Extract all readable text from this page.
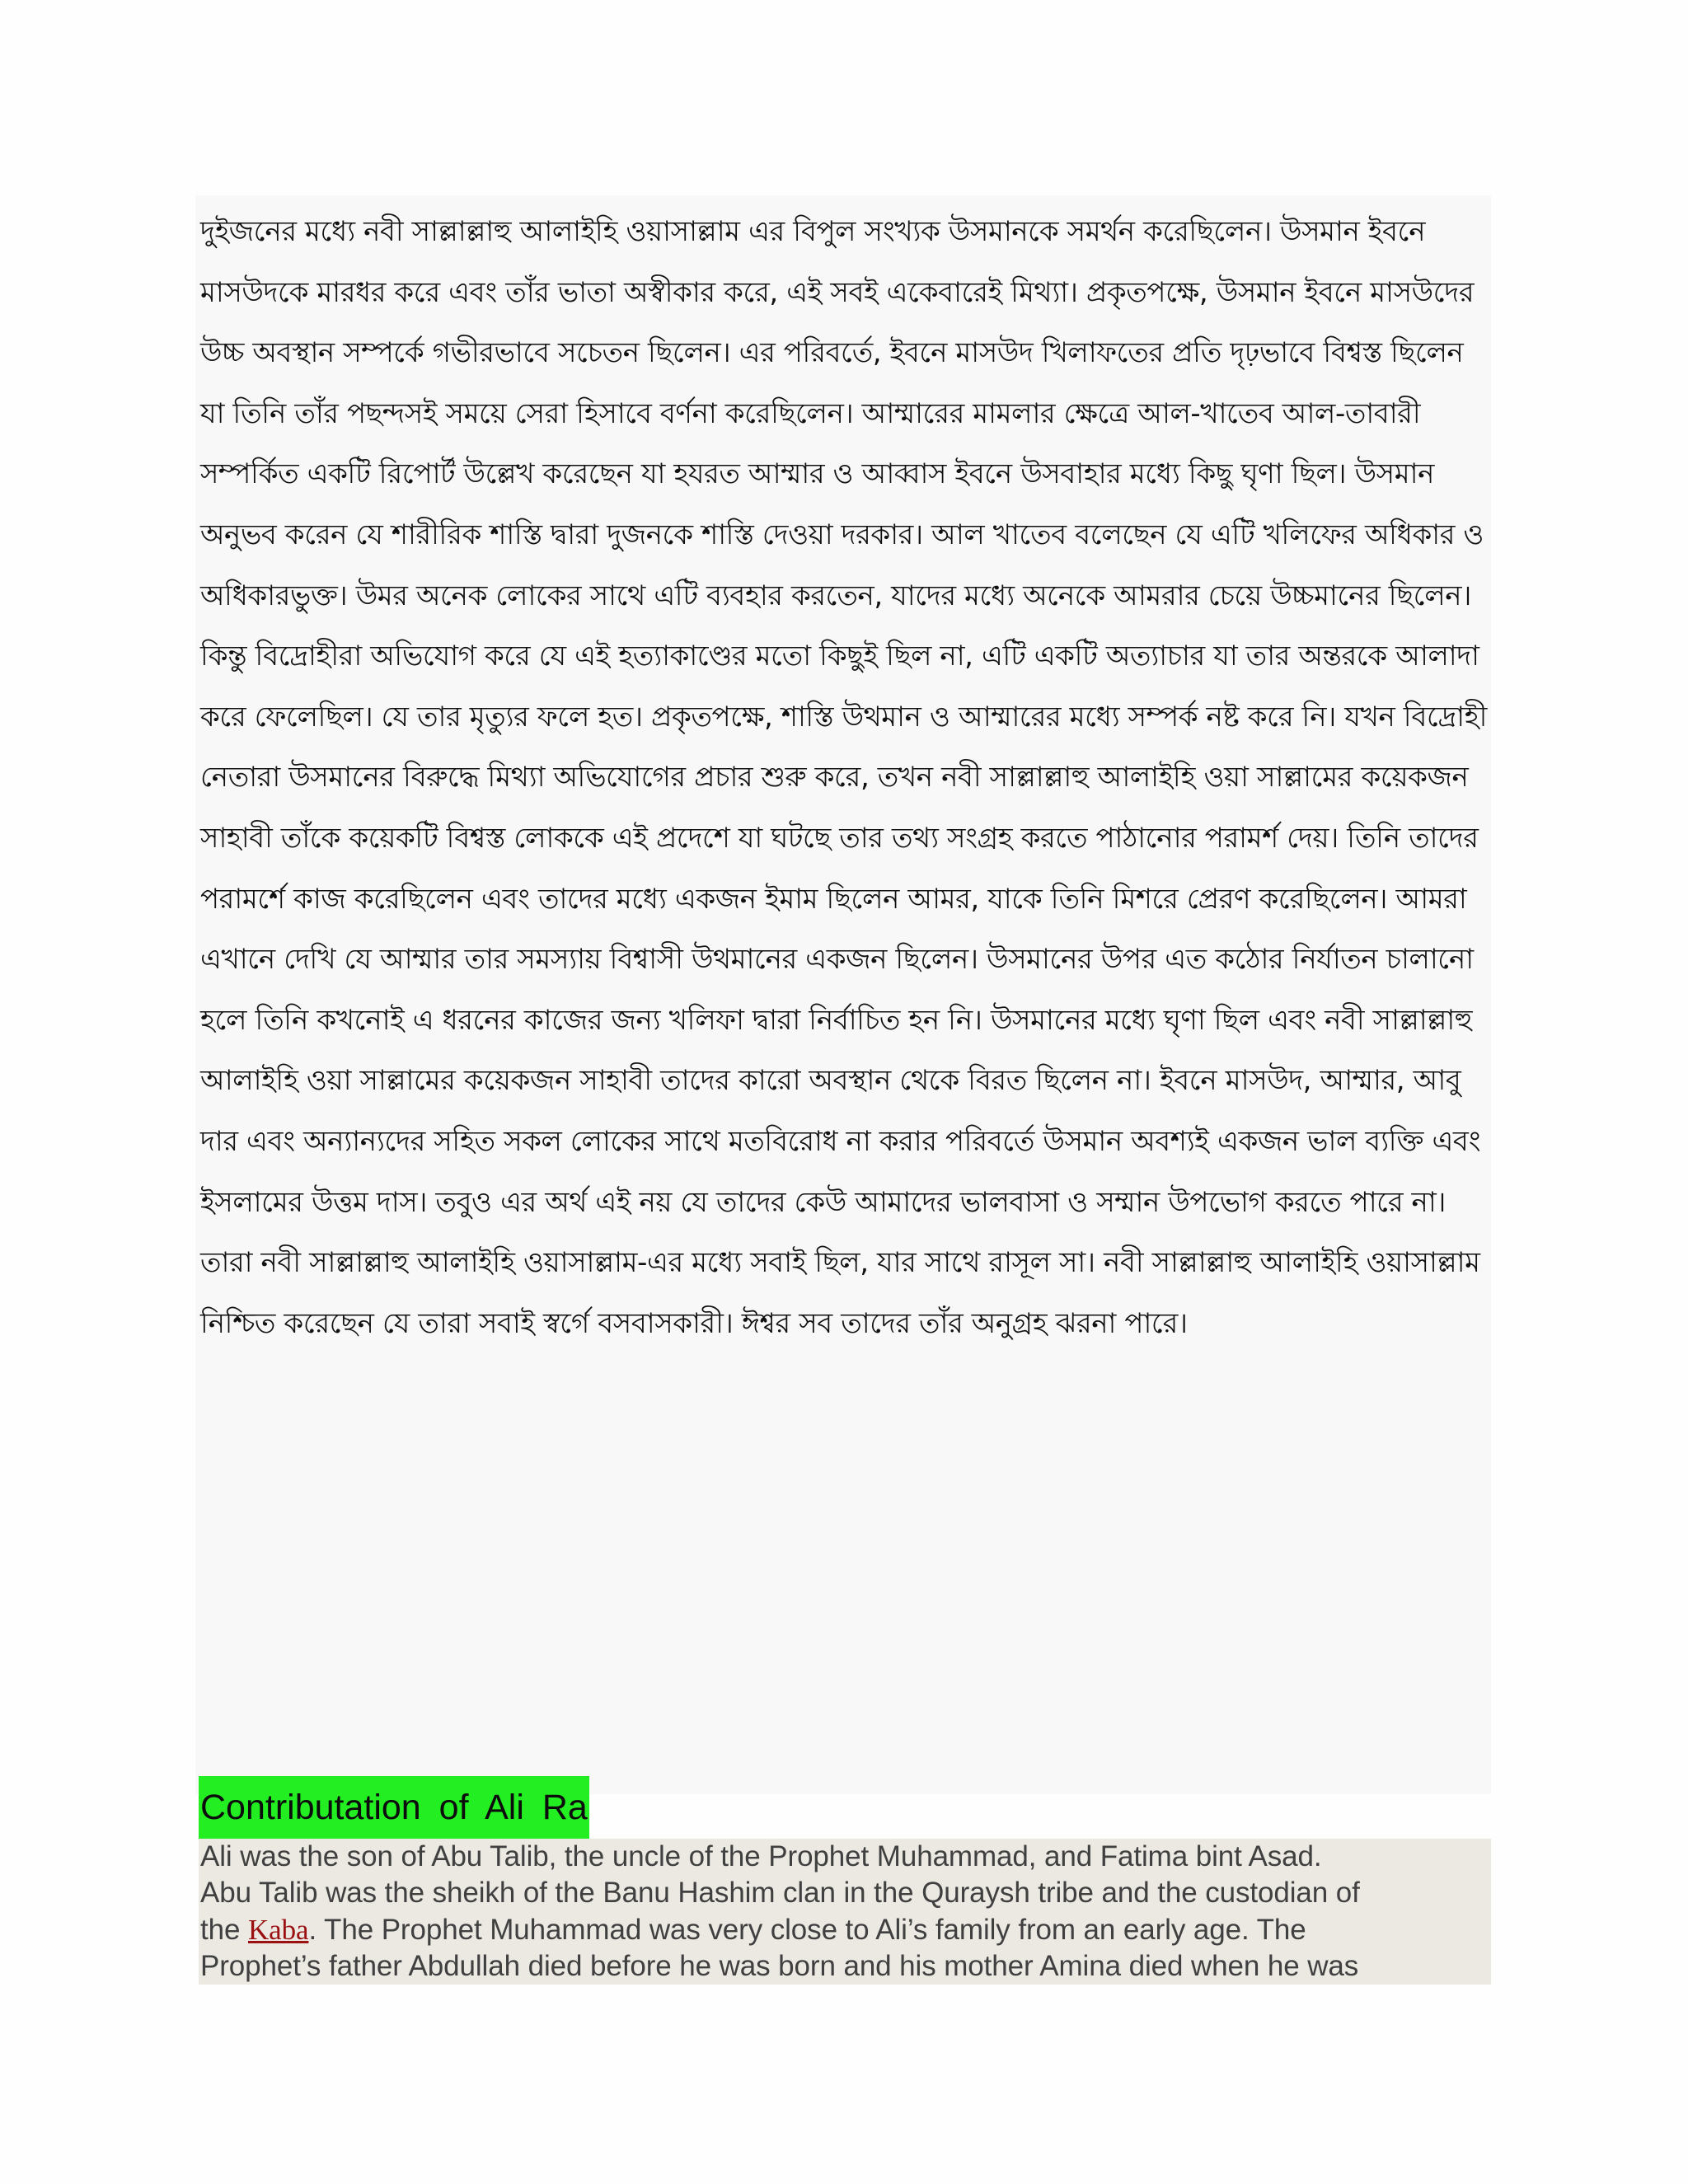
দুইজনের মধ্যে নবী সাল্লাল্লাহু আলাইহি ওয়াসাল্লাম এর বিপুল সংখ্যক উসমানকে সমর্থন করেছিলেন। উসমান ইবনে মাসউদকে মারধর করে এবং তাঁর ভাতা অস্বীকার করে, এই সবই একেবারেই মিথ্যা। প্রকৃতপক্ষে, উসমান ইবনে মাসউদের উচ্চ অবস্থান সম্পর্কে গভীরভাবে সচেতন ছিলেন। এর পরিবর্তে, ইবনে মাসউদ খিলাফতের প্রতি দৃঢ়ভাবে বিশ্বস্ত ছিলেন যা তিনি তাঁর পছন্দসই সময়ে সেরা হিসাবে বর্ণনা করেছিলেন। আম্মারের মামলার ক্ষেত্রে আল-খাতেব আল-তাবারী সম্পর্কিত একটি রিপোর্ট উল্লেখ করেছেন যা হযরত আম্মার ও আব্বাস ইবনে উসবাহার মধ্যে কিছু ঘৃণা ছিল। উসমান অনুভব করেন যে শারীরিক শাস্তি দ্বারা দুজনকে শাস্তি দেওয়া দরকার। আল খাতেব বলেছেন যে এটি খলিফের অধিকার ও অধিকারভুক্ত। উমর অনেক লোকের সাথে এটি ব্যবহার করতেন, যাদের মধ্যে অনেকে আমরার চেয়ে উচ্চমানের ছিলেন। কিন্তু বিদ্রোহীরা অভিযোগ করে যে এই হত্যাকাণ্ডের মতো কিছুই ছিল না, এটি একটি অত্যাচার যা তার অন্তরকে আলাদা করে ফেলেছিল। যে তার মৃত্যুর ফলে হত। প্রকৃতপক্ষে, শাস্তি উথমান ও আম্মারের মধ্যে সম্পর্ক নষ্ট করে নি। যখন বিদ্রোহী নেতারা উসমানের বিরুদ্ধে মিথ্যা অভিযোগের প্রচার শুরু করে, তখন নবী সাল্লাল্লাহু আলাইহি ওয়া সাল্লামের কয়েকজন সাহাবী তাঁকে কয়েকটি বিশ্বস্ত লোককে এই প্রদেশে যা ঘটছে তার তথ্য সংগ্রহ করতে পাঠানোর পরামর্শ দেয়। তিনি তাদের পরামর্শে কাজ করেছিলেন এবং তাদের মধ্যে একজন ইমাম ছিলেন আমর, যাকে তিনি মিশরে প্রেরণ করেছিলেন। আমরা এখানে দেখি যে আম্মার তার সমস্যায় বিশ্বাসী উথমানের একজন ছিলেন। উসমানের উপর এত কঠোর নির্যাতন চালানো হলে তিনি কখনোই এ ধরনের কাজের জন্য খলিফা দ্বারা নির্বাচিত হন নি। উসমানের মধ্যে ঘৃণা ছিল এবং নবী সাল্লাল্লাহু আলাইহি ওয়া সাল্লামের কয়েকজন সাহাবী তাদের কারো অবস্থান থেকে বিরত ছিলেন না। ইবনে মাসউদ, আম্মার, আবু দার এবং অন্যান্যদের সহিত সকল লোকের সাথে মতবিরোধ না করার পরিবর্তে উসমান অবশ্যই একজন ভাল ব্যক্তি এবং ইসলামের উত্তম দাস। তবুও এর অর্থ এই নয় যে তাদের কেউ আমাদের ভালবাসা ও সম্মান উপভোগ করতে পারে না। তারা নবী সাল্লাল্লাহু আলাইহি ওয়াসাল্লাম-এর মধ্যে সবাই ছিল, যার সাথে রাসূল সা। নবী সাল্লাল্লাহু আলাইহি ওয়াসাল্লাম নিশ্চিত করেছেন যে তারা সবাই স্বর্গে বসবাসকারী। ঈশ্বর সব তাদের তাঁর অনুগ্রহ ঝরনা পারে।

Contributation of Ali Ra

Ali was the son of Abu Talib, the uncle of the Prophet Muhammad, and Fatima bint Asad.
Abu Talib was the sheikh of the Banu Hashim clan in the Quraysh tribe and the custodian of
the Kaba. The Prophet Muhammad was very close to Ali’s family from an early age. The
Prophet’s father Abdullah died before he was born and his mother Amina died when he was
